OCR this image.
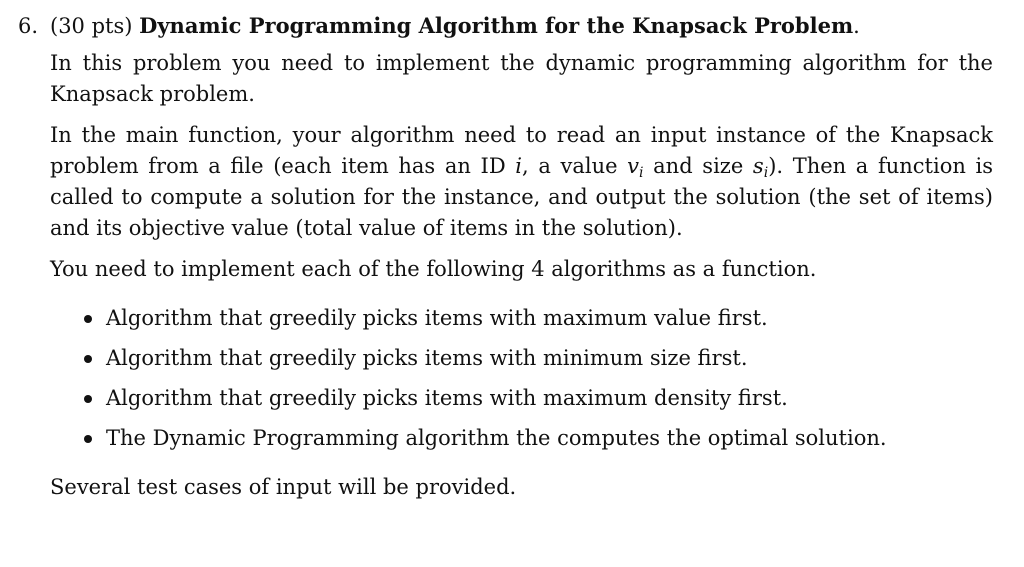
6. (30 pts) Dynamic Programming Algorithm for the Knapsack Problem.

In this problem you need to implement the dynamic programming algorithm for the Knapsack problem.

In the main function, your algorithm need to read an input instance of the Knapsack problem from a file (each item has an ID i, a value $v_i$ and size $s_i$). Then a function is called to compute a solution for the instance, and output the solution (the set of items) and its objective value (total value of items in the solution).

You need to implement each of the following 4 algorithms as a function.

Algorithm that greedily picks items with maximum value first.
Algorithm that greedily picks items with minimum size first.
Algorithm that greedily picks items with maximum density first.
The Dynamic Programming algorithm the computes the optimal solution.

Several test cases of input will be provided.
